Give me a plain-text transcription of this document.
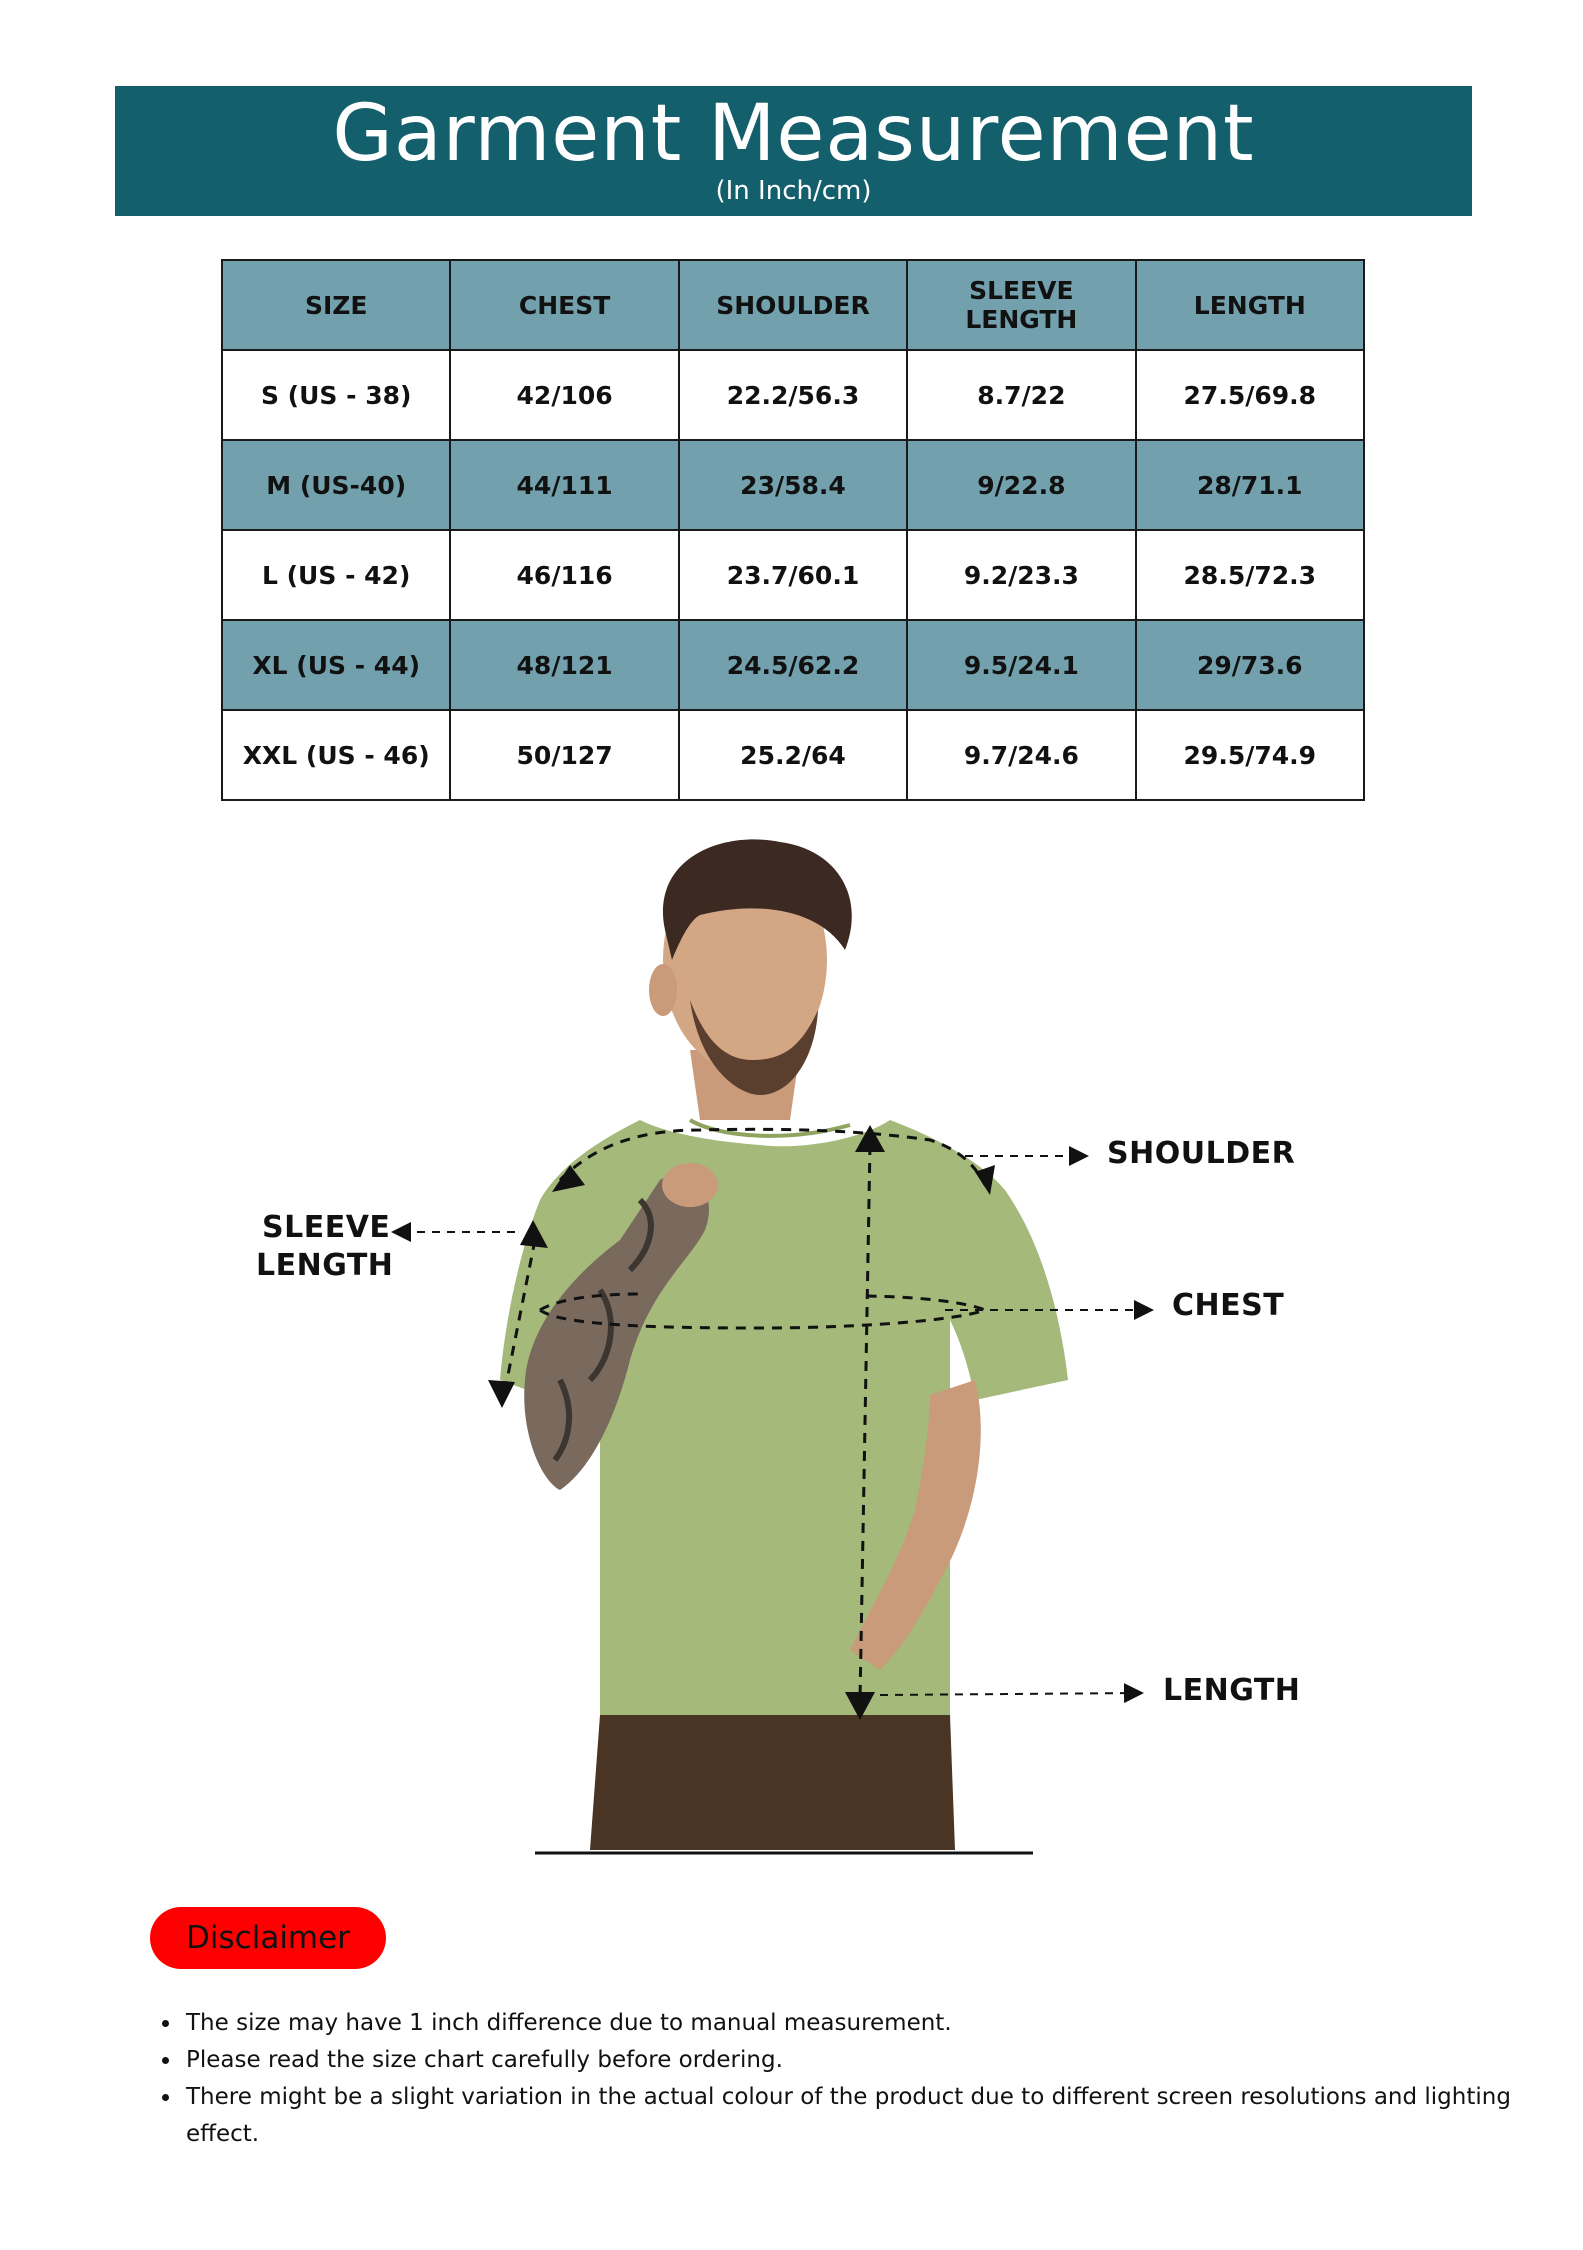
Garment Measurement
(In Inch/cm)
SIZE	CHEST	SHOULDER	SLEEVE LENGTH	LENGTH
S (US - 38)	42/106	22.2/56.3	8.7/22	27.5/69.8
M (US-40)	44/111	23/58.4	9/22.8	28/71.1
L (US - 42)	46/116	23.7/60.1	9.2/23.3	28.5/72.3
XL (US - 44)	48/121	24.5/62.2	9.5/24.1	29/73.6
XXL (US - 46)	50/127	25.2/64	9.7/24.6	29.5/74.9
SHOULDER
SLEEVE
LENGTH
CHEST
LENGTH
Disclaimer
• The size may have 1 inch difference due to manual measurement.
• Please read the size chart carefully before ordering.
• There might be a slight variation in the actual colour of the product due to different screen resolutions and lighting effect.
